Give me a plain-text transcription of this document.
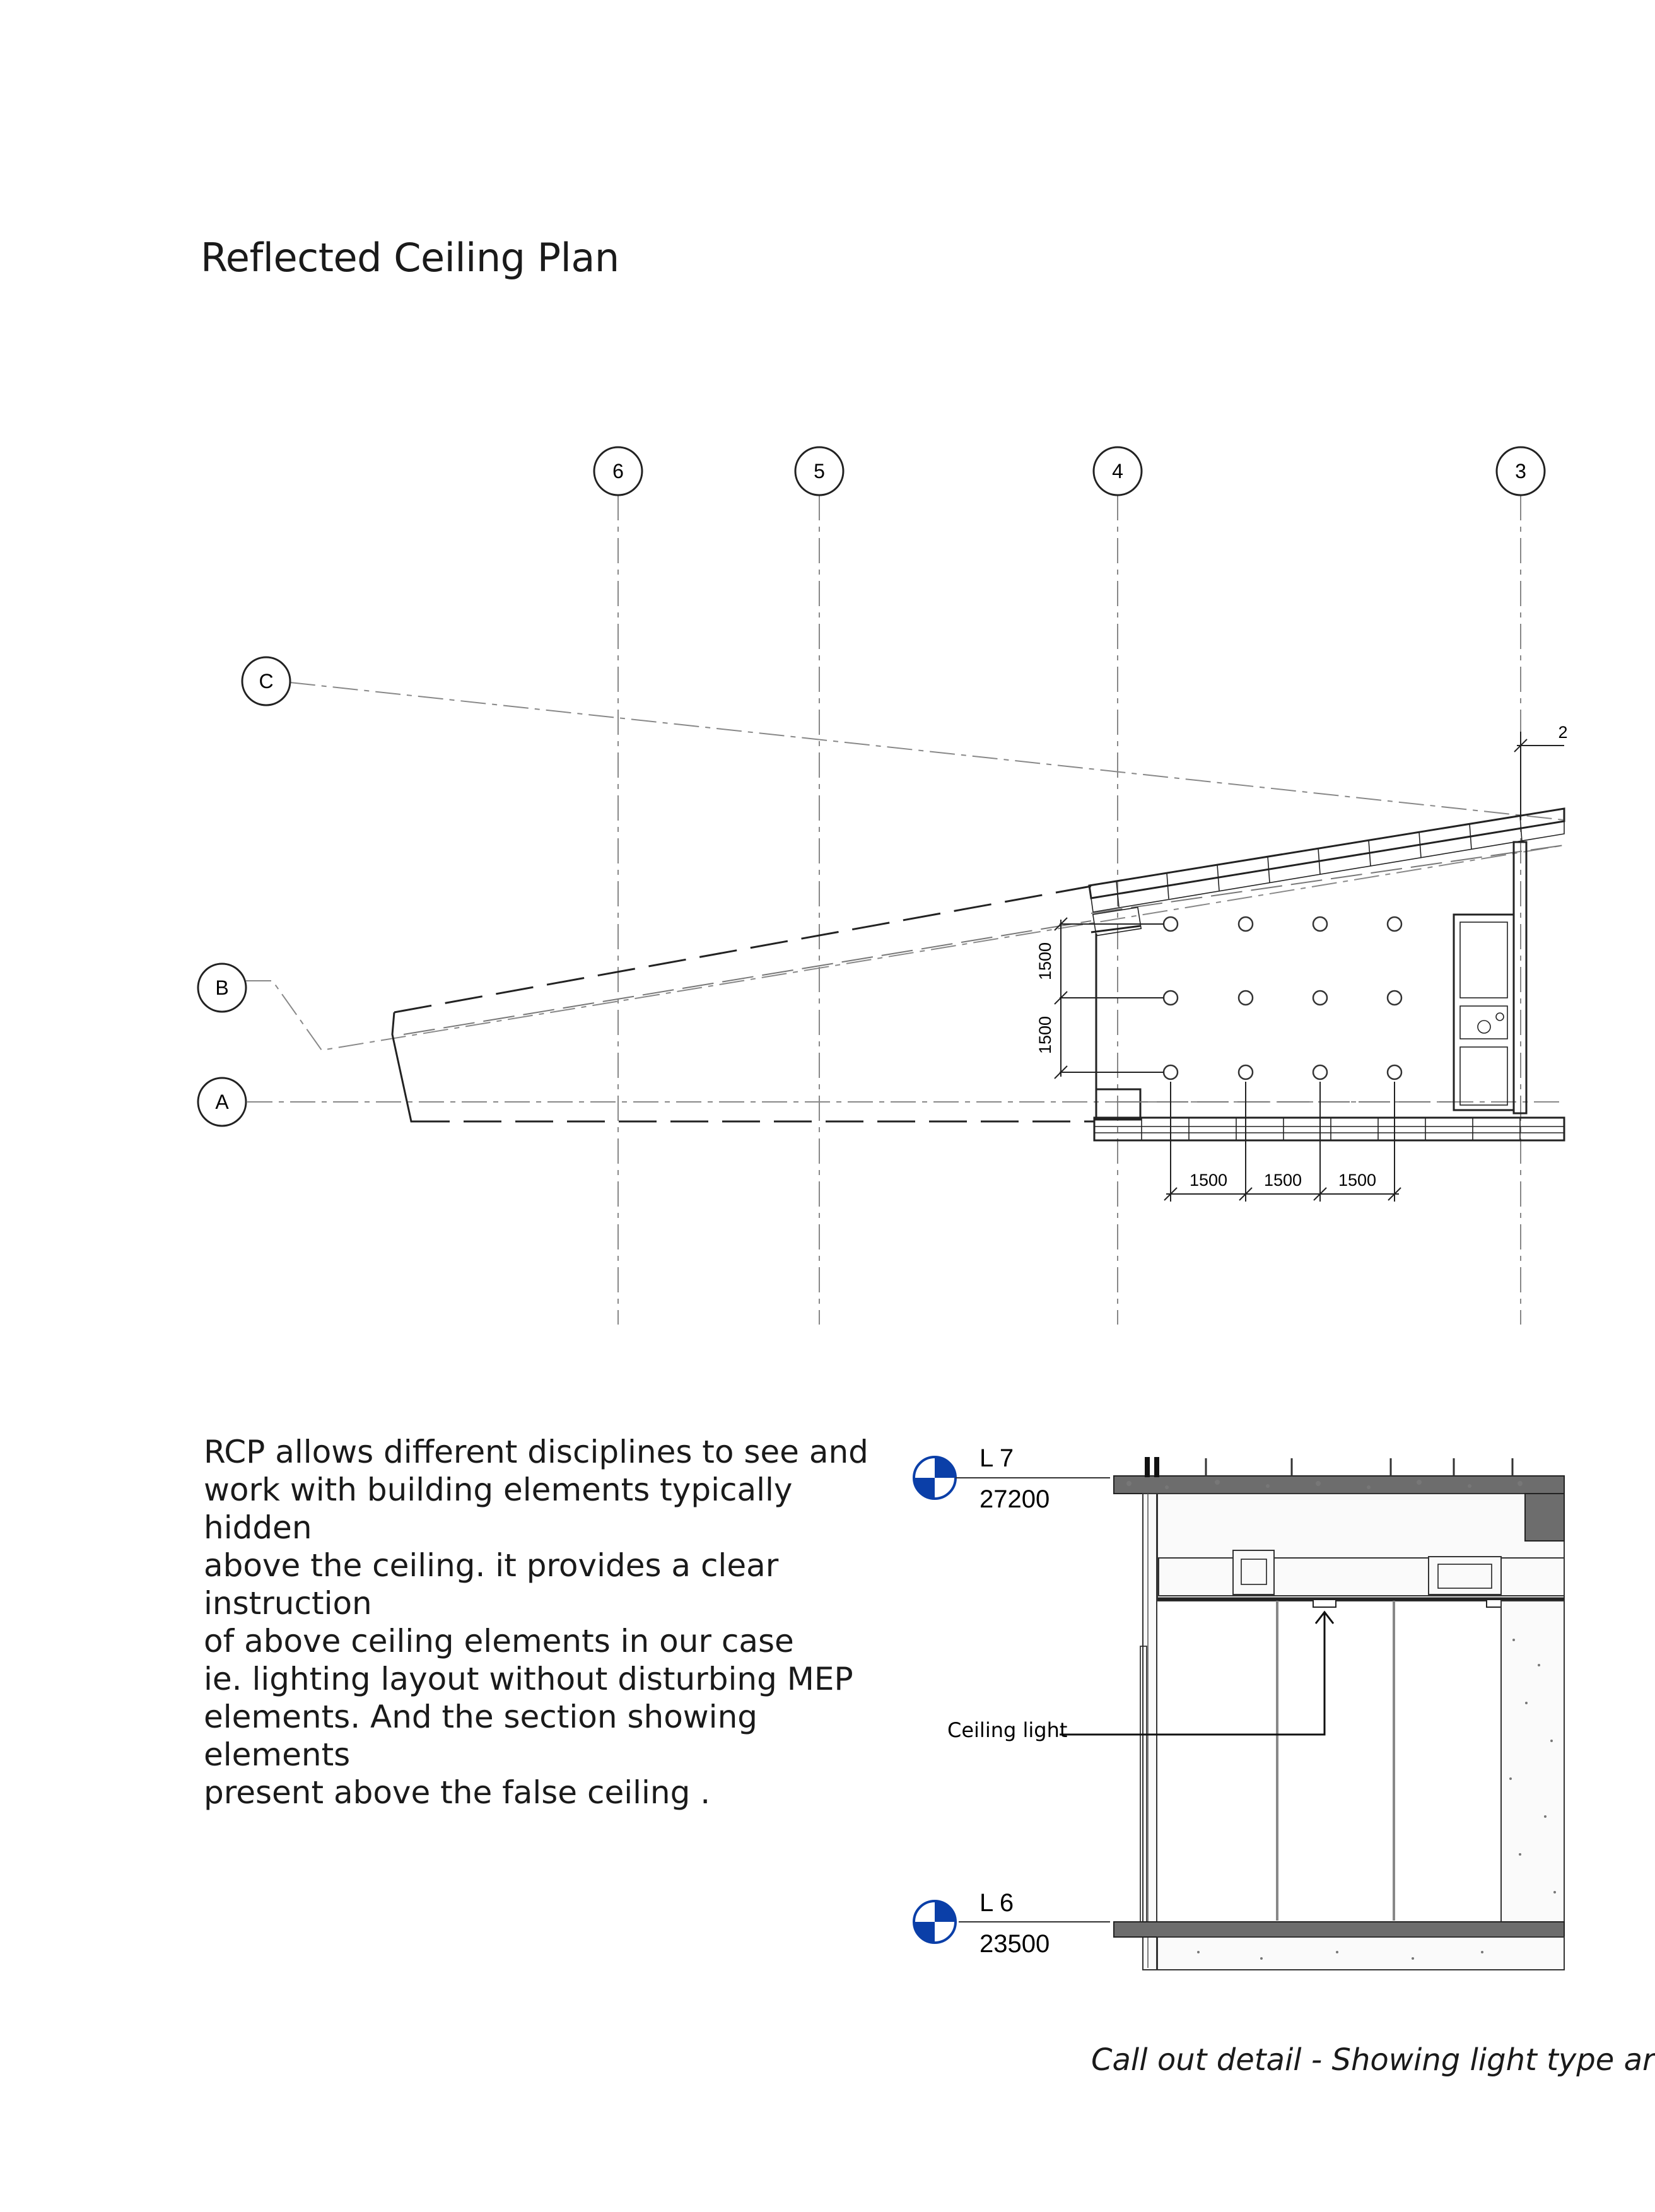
Reflected Ceiling Plan
6	5	4	3
C
B
A
1500
1500
1500 1500 1500
2
RCP allows different disciplines to see and
work with building elements typically hidden
above the ceiling. it provides a clear instruction
of above ceiling elements in our case
ie. lighting layout without disturbing MEP
elements. And the section showing elements
present above the false ceiling .
L 7
27200
L 6
23500
Ceiling light
Call out detail - Showing light type ar
